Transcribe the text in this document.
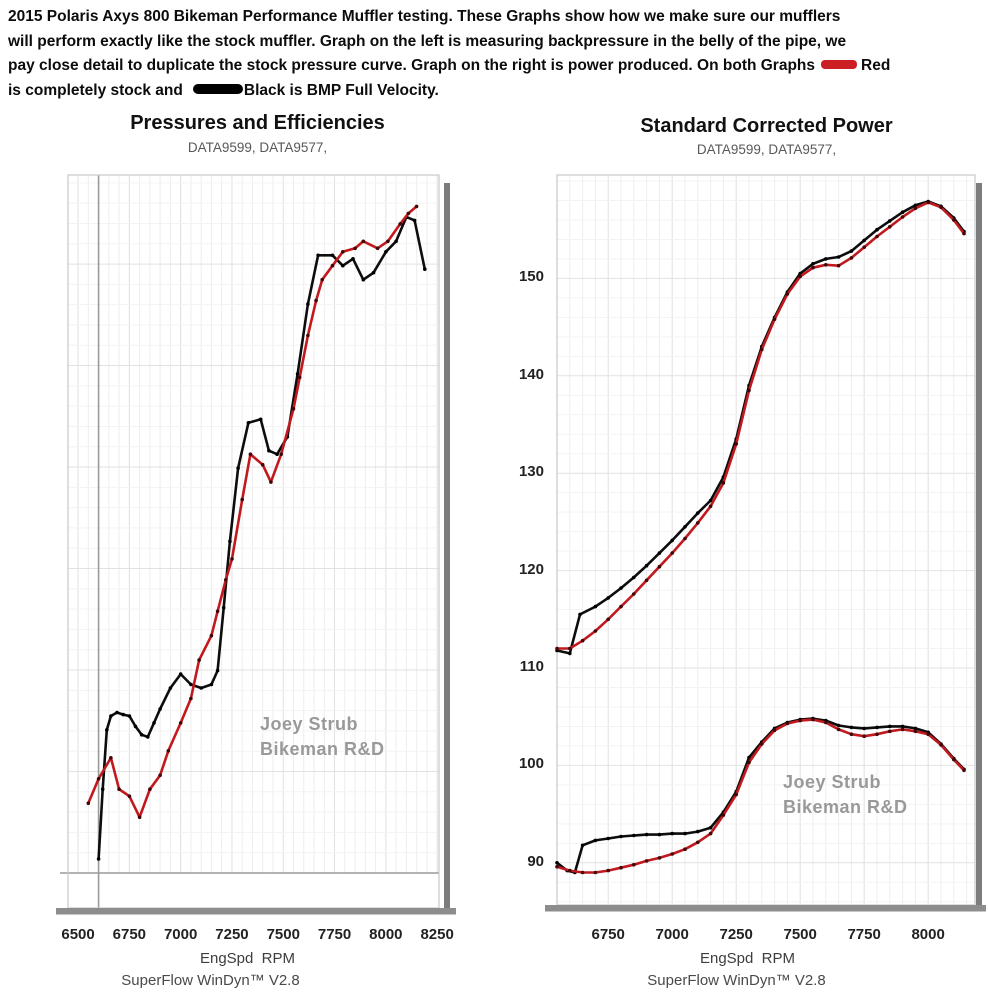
2015 Polaris Axys 800 Bikeman Performance Muffler testing. These Graphs show how we make sure our mufflers
will perform exactly like the stock muffler. Graph on the left is measuring backpressure in the belly of the pipe, we
pay close detail to duplicate the stock pressure curve. Graph on the right is power produced. On both Graphs	Red
is completely stock and	Black is BMP Full Velocity.
Pressures and Efficiencies
DATA9599, DATA9577,
6500	6750	7000	7250	7500	7750	8000	8250
EngSpd  RPM
SuperFlow WinDyn™ V2.8
Joey Strub
Bikeman R&D
Standard Corrected Power
DATA9599, DATA9577,
90
100
110
120
130
140
150
6750	7000	7250	7500	7750	8000
EngSpd  RPM
SuperFlow WinDyn™ V2.8
Joey Strub
Bikeman R&D
